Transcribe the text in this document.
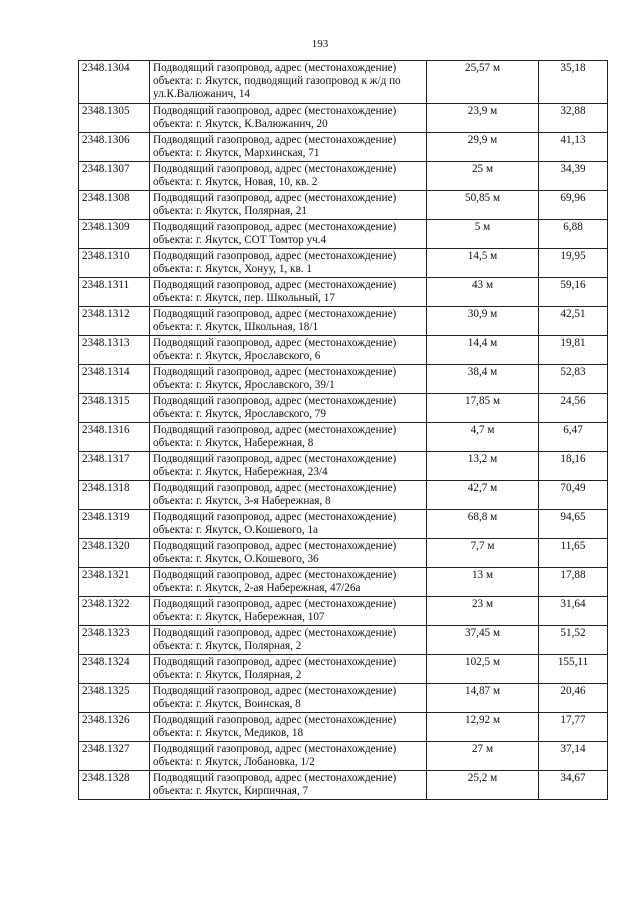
193
2348.1304	Подводящий газопровод, адрес (местонахождение) объекта: г. Якутск, подводящий газопровод к ж/д по ул.К.Валюжанич, 14	25,57 м	35,18
2348.1305	Подводящий газопровод, адрес (местонахождение) объекта: г. Якутск, К.Валюжанич, 20	23,9 м	32,88
2348.1306	Подводящий газопровод, адрес (местонахождение) объекта: г. Якутск, Мархинская, 71	29,9 м	41,13
2348.1307	Подводящий газопровод, адрес (местонахождение) объекта: г. Якутск, Новая, 10, кв. 2	25 м	34,39
2348.1308	Подводящий газопровод, адрес (местонахождение) объекта: г. Якутск, Полярная, 21	50,85 м	69,96
2348.1309	Подводящий газопровод, адрес (местонахождение) объекта: г. Якутск, СОТ Томтор уч.4	5 м	6,88
2348.1310	Подводящий газопровод, адрес (местонахождение) объекта: г. Якутск, Хонуу, 1, кв. 1	14,5 м	19,95
2348.1311	Подводящий газопровод, адрес (местонахождение) объекта: г. Якутск, пер. Школьный, 17	43 м	59,16
2348.1312	Подводящий газопровод, адрес (местонахождение) объекта: г. Якутск, Школьная, 18/1	30,9 м	42,51
2348.1313	Подводящий газопровод, адрес (местонахождение) объекта: г. Якутск, Ярославского, 6	14,4 м	19,81
2348.1314	Подводящий газопровод, адрес (местонахождение) объекта: г. Якутск, Ярославского, 39/1	38,4 м	52,83
2348.1315	Подводящий газопровод, адрес (местонахождение) объекта: г. Якутск, Ярославского, 79	17,85 м	24,56
2348.1316	Подводящий газопровод, адрес (местонахождение) объекта: г. Якутск, Набережная, 8	4,7 м	6,47
2348.1317	Подводящий газопровод, адрес (местонахождение) объекта: г. Якутск, Набережная, 23/4	13,2 м	18,16
2348.1318	Подводящий газопровод, адрес (местонахождение) объекта: г. Якутск, 3-я Набережная, 8	42,7 м	70,49
2348.1319	Подводящий газопровод, адрес (местонахождение) объекта: г. Якутск, О.Кошевого, 1а	68,8 м	94,65
2348.1320	Подводящий газопровод, адрес (местонахождение) объекта: г. Якутск, О.Кошевого, 36	7,7 м	11,65
2348.1321	Подводящий газопровод, адрес (местонахождение) объекта: г. Якутск, 2-ая Набережная, 47/26а	13 м	17,88
2348.1322	Подводящий газопровод, адрес (местонахождение) объекта: г. Якутск, Набережная, 107	23 м	31,64
2348.1323	Подводящий газопровод, адрес (местонахождение) объекта: г. Якутск, Полярная, 2	37,45 м	51,52
2348.1324	Подводящий газопровод, адрес (местонахождение) объекта: г. Якутск, Полярная, 2	102,5 м	155,11
2348.1325	Подводящий газопровод, адрес (местонахождение) объекта: г. Якутск, Воинская, 8	14,87 м	20,46
2348.1326	Подводящий газопровод, адрес (местонахождение) объекта: г. Якутск, Медиков, 18	12,92 м	17,77
2348.1327	Подводящий газопровод, адрес (местонахождение) объекта: г. Якутск, Лобановка, 1/2	27 м	37,14
2348.1328	Подводящий газопровод, адрес (местонахождение) объекта: г. Якутск, Кирпичная, 7	25,2 м	34,67
